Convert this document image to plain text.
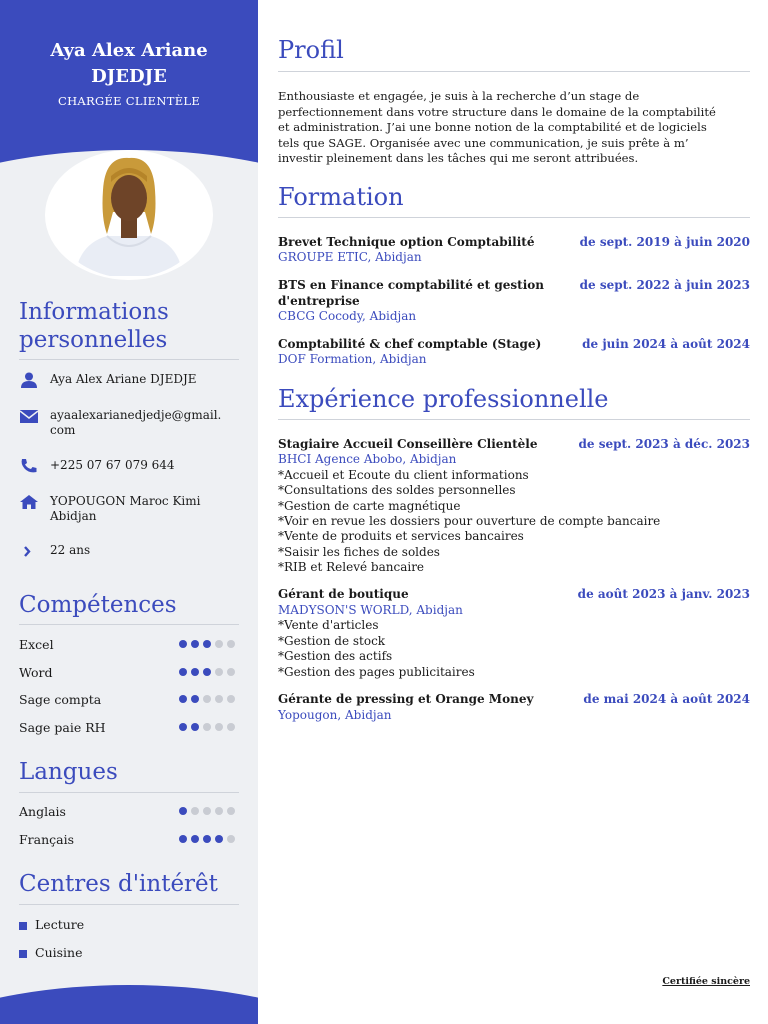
Aya Alex Ariane
DJEDJE
CHARGÉE CLIENTÈLE
Informations
personnelles
Aya Alex Ariane DJEDJE
ayaalexarianedjedje@gmail.
com
+225 07 67 079 644
YOPOUGON Maroc Kimi
Abidjan
22 ans
Compétences
Excel
Word
Sage compta
Sage paie RH
Langues
Anglais
Français
Centres d'intérêt
Lecture
Cuisine
Profil
Enthousiaste et engagée, je suis à la recherche d’un stage de
perfectionnement dans votre structure dans le domaine de la comptabilité
et administration. J’ai une bonne notion de la comptabilité et de logiciels
tels que SAGE. Organisée avec une communication, je suis prête à m’
investir pleinement dans les tâches qui me seront attribuées.
Formation
Brevet Technique option Comptabilité	de sept. 2019 à juin 2020
GROUPE ETIC, Abidjan
BTS en Finance comptabilité et gestion
d'entreprise
de sept. 2022 à juin 2023
CBCG Cocody, Abidjan
Comptabilité & chef comptable (Stage)	de juin 2024 à août 2024
DOF Formation, Abidjan
Expérience professionnelle
Stagiaire Accueil Conseillère Clientèle	de sept. 2023 à déc. 2023
BHCI Agence Abobo, Abidjan
*Accueil et Ecoute du client informations
*Consultations des soldes personnelles
*Gestion de carte magnétique
*Voir en revue les dossiers pour ouverture de compte bancaire
*Vente de produits et services bancaires
*Saisir les fiches de soldes
*RIB et Relevé bancaire
Gérant de boutique	de août 2023 à janv. 2023
MADYSON'S WORLD, Abidjan
*Vente d'articles
*Gestion de stock
*Gestion des actifs
*Gestion des pages publicitaires
Gérante de pressing et Orange Money	de mai 2024 à août 2024
Yopougon, Abidjan
Certifiée sincère
